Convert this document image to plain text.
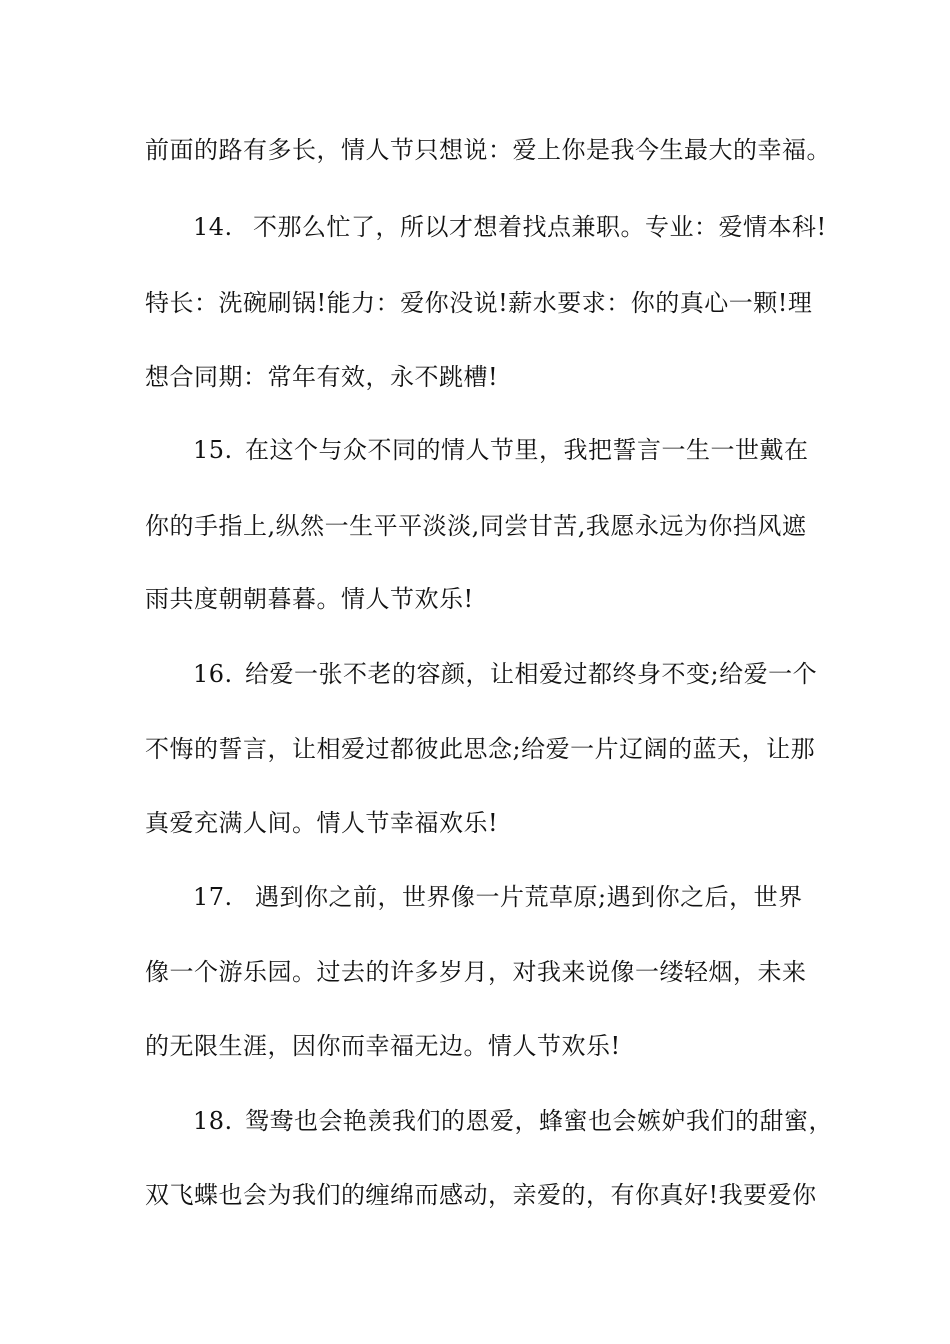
前面的路有多长，情人节只想说：爱上你是我今生最大的幸福。
14. 不那么忙了，所以才想着找点兼职。专业：爱情本科!
特长：洗碗刷锅!能力：爱你没说!薪水要求：你的真心一颗!理
想合同期：常年有效，永不跳槽!
15. 在这个与众不同的情人节里，我把誓言一生一世戴在
你的手指上,纵然一生平平淡淡,同尝甘苦,我愿永远为你挡风遮
雨共度朝朝暮暮。情人节欢乐!
16. 给爱一张不老的容颜，让相爱过都终身不变;给爱一个
不悔的誓言，让相爱过都彼此思念;给爱一片辽阔的蓝天，让那
真爱充满人间。情人节幸福欢乐!
17. 遇到你之前，世界像一片荒草原;遇到你之后，世界
像一个游乐园。过去的许多岁月，对我来说像一缕轻烟，未来
的无限生涯，因你而幸福无边。情人节欢乐!
18. 鸳鸯也会艳羡我们的恩爱，蜂蜜也会嫉妒我们的甜蜜，
双飞蝶也会为我们的缠绵而感动，亲爱的，有你真好!我要爱你
